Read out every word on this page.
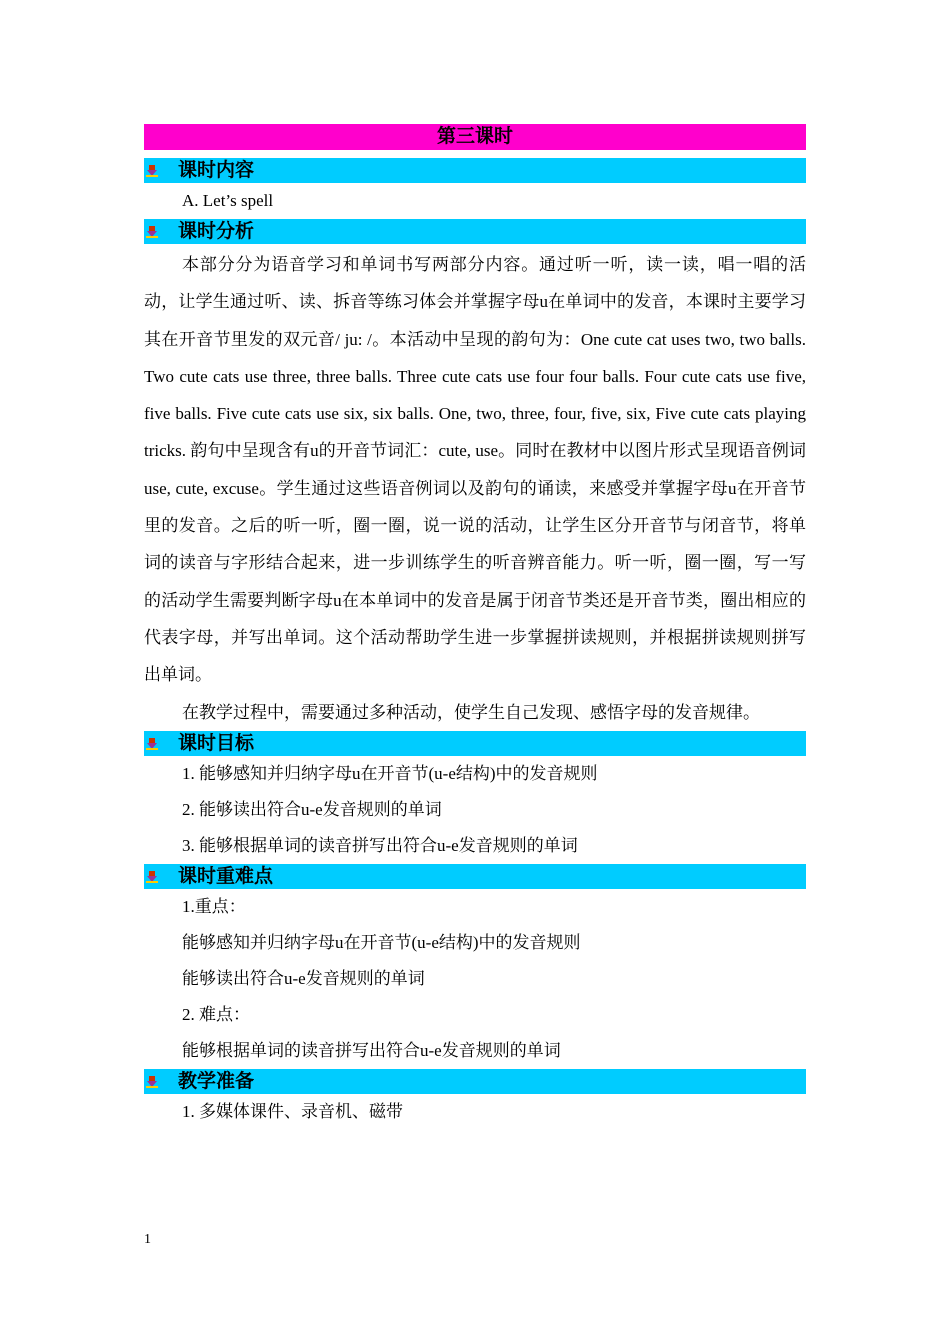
第三课时
课时内容
A. Let’s spell
课时分析

本部分分为语音学习和单词书写两部分内容。通过听一听，读一读，唱一唱的活动，让学生通过听、读、拆音等练习体会并掌握字母u在单词中的发音，本课时主要学习其在开音节里发的双元音/ ju: /。本活动中呈现的韵句为：One cute cat uses two, two balls. Two cute cats use three, three balls. Three cute cats use four four balls. Four cute cats use five, five balls. Five cute cats use six, six balls. One, two, three, four, five, six, Five cute cats playing tricks. 韵句中呈现含有u的开音节词汇：cute, use。同时在教材中以图片形式呈现语音例词use, cute, excuse。学生通过这些语音例词以及韵句的诵读，来感受并掌握字母u在开音节里的发音。之后的听一听，圈一圈，说一说的活动，让学生区分开音节与闭音节，将单词的读音与字形结合起来，进一步训练学生的听音辨音能力。听一听，圈一圈，写一写的活动学生需要判断字母u在本单词中的发音是属于闭音节类还是开音节类，圈出相应的代表字母，并写出单词。这个活动帮助学生进一步掌握拼读规则，并根据拼读规则拼写出单词。

在教学过程中，需要通过多种活动，使学生自己发现、感悟字母的发音规律。

课时目标
1. 能够感知并归纳字母u在开音节(u-e结构)中的发音规则
2. 能够读出符合u-e发音规则的单词
3. 能够根据单词的读音拼写出符合u-e发音规则的单词
课时重难点
1.重点：
能够感知并归纳字母u在开音节(u-e结构)中的发音规则
能够读出符合u-e发音规则的单词
2. 难点：
能够根据单词的读音拼写出符合u-e发音规则的单词
教学准备
1. 多媒体课件、录音机、磁带
1
